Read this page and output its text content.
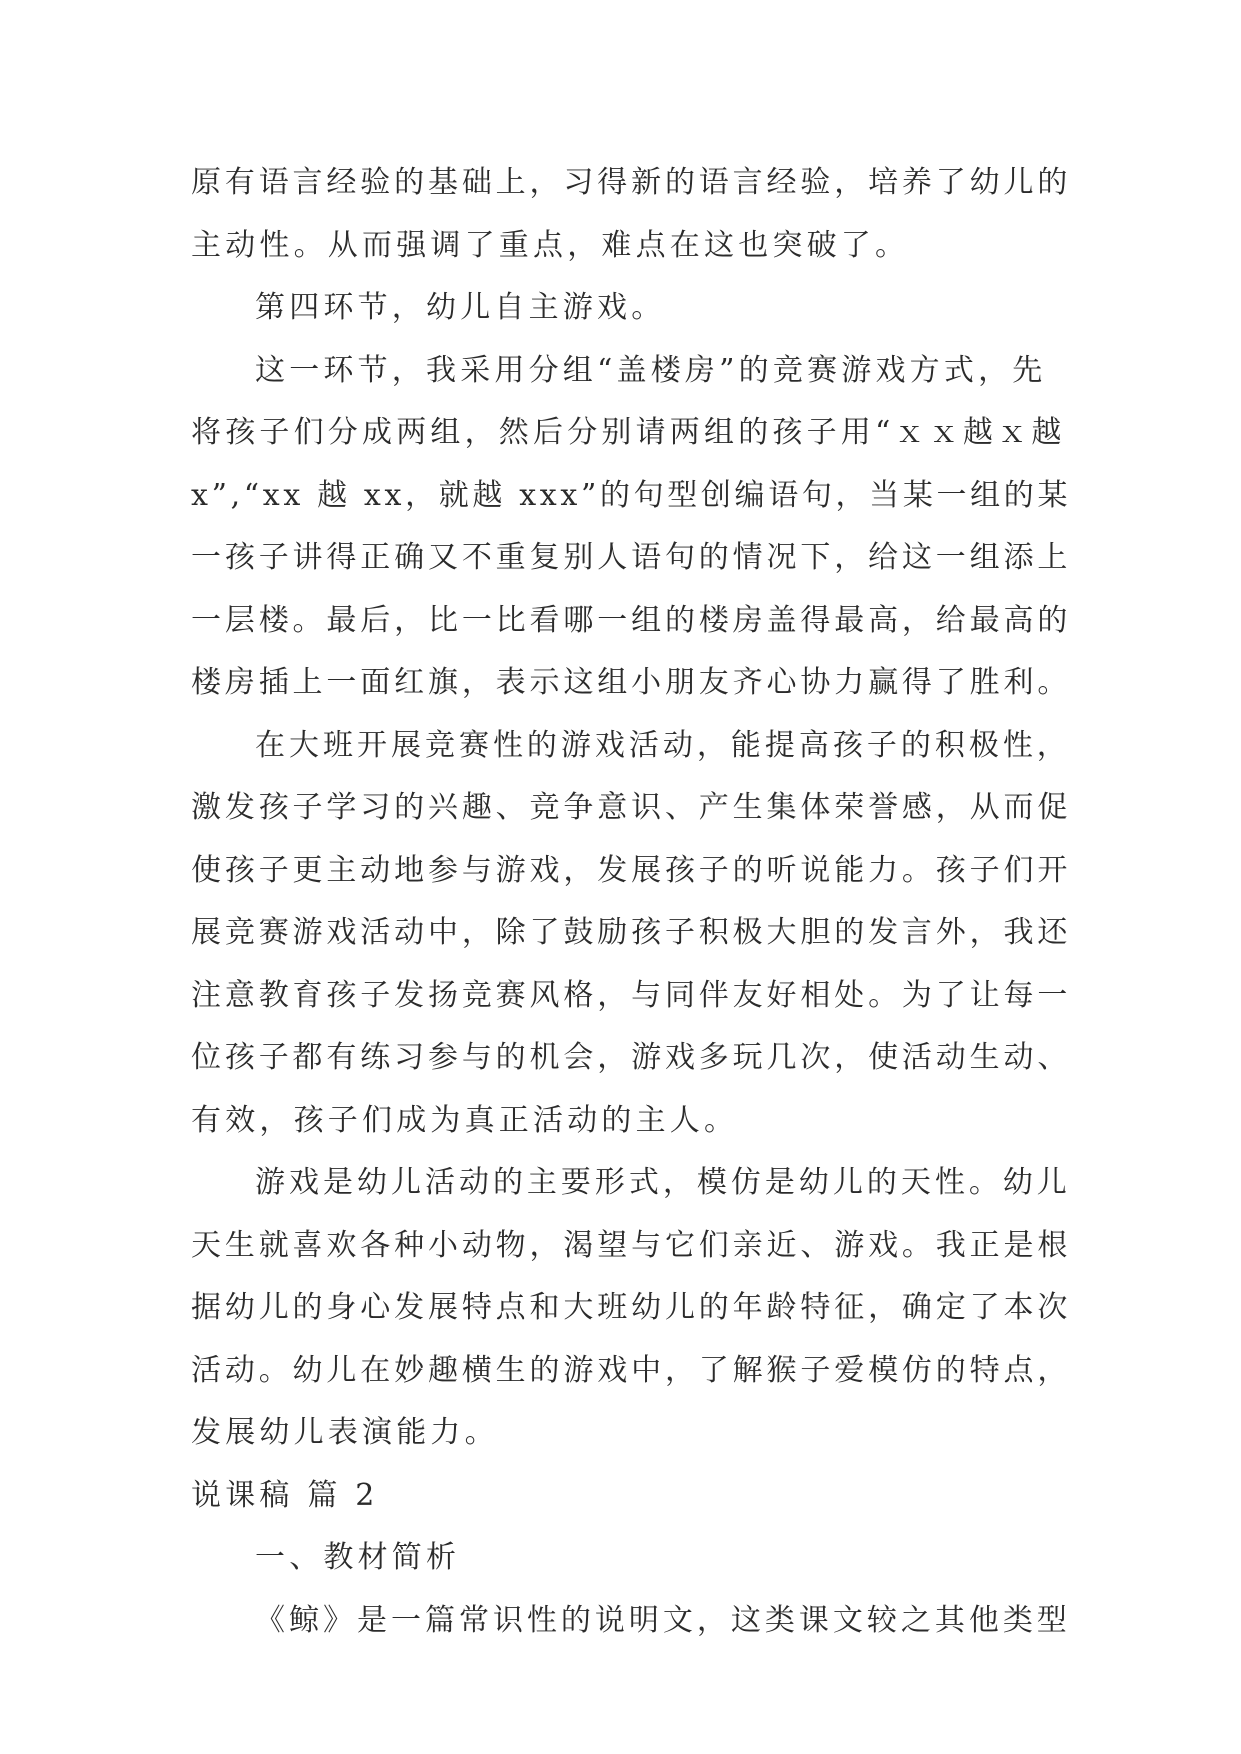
原有语言经验的基础上，习得新的语言经验，培养了幼儿的
主动性。从而强调了重点，难点在这也突破了。
第四环节，幼儿自主游戏。
这一环节，我采用分组“盖楼房”的竞赛游戏方式，先
将孩子们分成两组，然后分别请两组的孩子用“ｘｘ越ｘ越
x”,“xx 越 xx，就越 xxx”的句型创编语句，当某一组的某
一孩子讲得正确又不重复别人语句的情况下，给这一组添上
一层楼。最后，比一比看哪一组的楼房盖得最高，给最高的
楼房插上一面红旗，表示这组小朋友齐心协力赢得了胜利。
在大班开展竞赛性的游戏活动，能提高孩子的积极性，
激发孩子学习的兴趣、竞争意识、产生集体荣誉感，从而促
使孩子更主动地参与游戏，发展孩子的听说能力。孩子们开
展竞赛游戏活动中，除了鼓励孩子积极大胆的发言外，我还
注意教育孩子发扬竞赛风格，与同伴友好相处。为了让每一
位孩子都有练习参与的机会，游戏多玩几次，使活动生动、
有效，孩子们成为真正活动的主人。
游戏是幼儿活动的主要形式，模仿是幼儿的天性。幼儿
天生就喜欢各种小动物，渴望与它们亲近、游戏。我正是根
据幼儿的身心发展特点和大班幼儿的年龄特征，确定了本次
活动。幼儿在妙趣横生的游戏中，了解猴子爱模仿的特点，
发展幼儿表演能力。
说课稿 篇 2
一、教材简析
《鲸》是一篇常识性的说明文，这类课文较之其他类型
